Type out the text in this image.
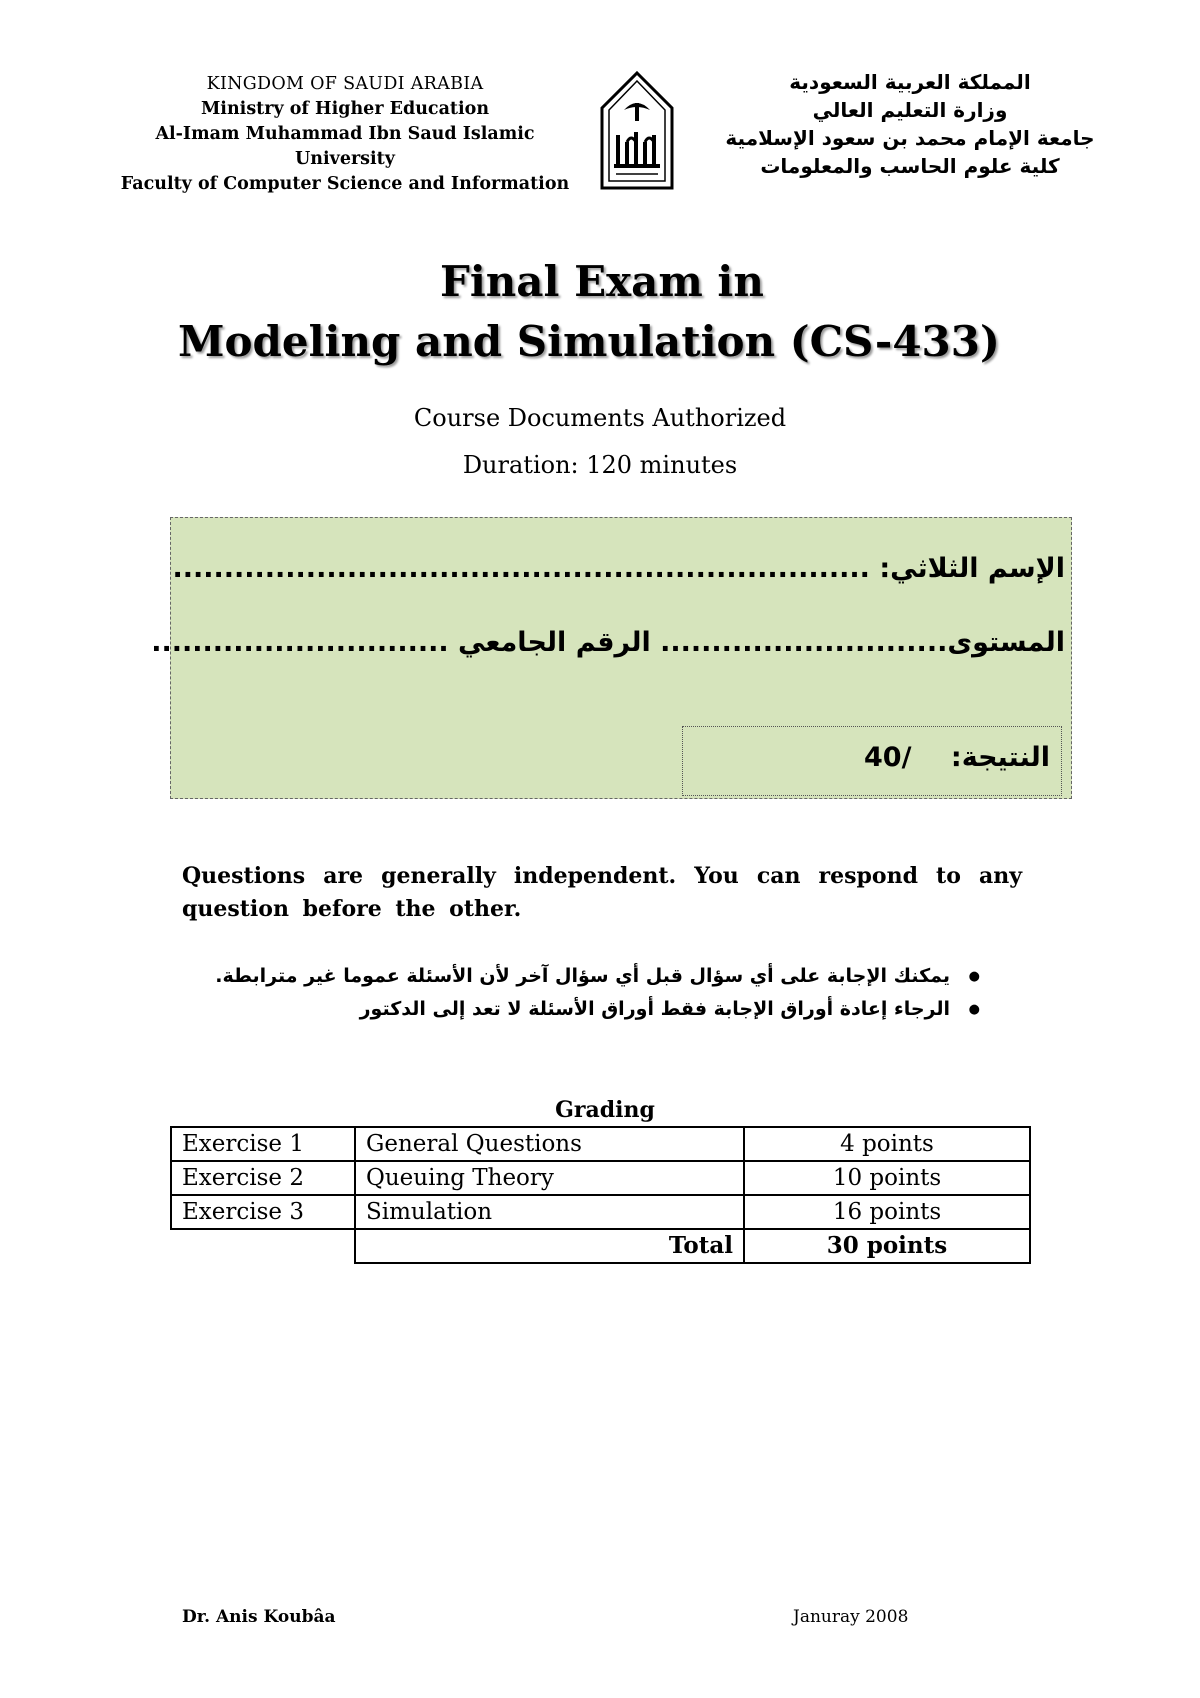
KINGDOM OF SAUDI ARABIA
Ministry of Higher Education
Al-Imam Muhammad Ibn Saud Islamic
University
Faculty of Computer Science and Information
المملكة العربية السعودية
وزارة التعليم العالي
جامعة الإمام محمد بن سعود الإسلامية
كلية علوم الحاسب والمعلومات
Final Exam in
Modeling and Simulation (CS-433)
Course Documents Authorized
Duration: 120 minutes
الإسم الثلاثي: ....................................................................
المستوى............................ الرقم الجامعي .............................
النتيجة:
40/
Questions are generally independent. You can respond to any question before the other.
● يمكنك الإجابة على أي سؤال قبل أي سؤال آخر لأن الأسئلة عموما غير مترابطة.
● الرجاء إعادة أوراق الإجابة فقط أوراق الأسئلة لا تعد إلى الدكتور
Grading
Exercise 1	General Questions	4 points
Exercise 2	Queuing Theory	10 points
Exercise 3	Simulation	16 points
	Total	30 points
Dr. Anis Koubâa	Januray 2008
